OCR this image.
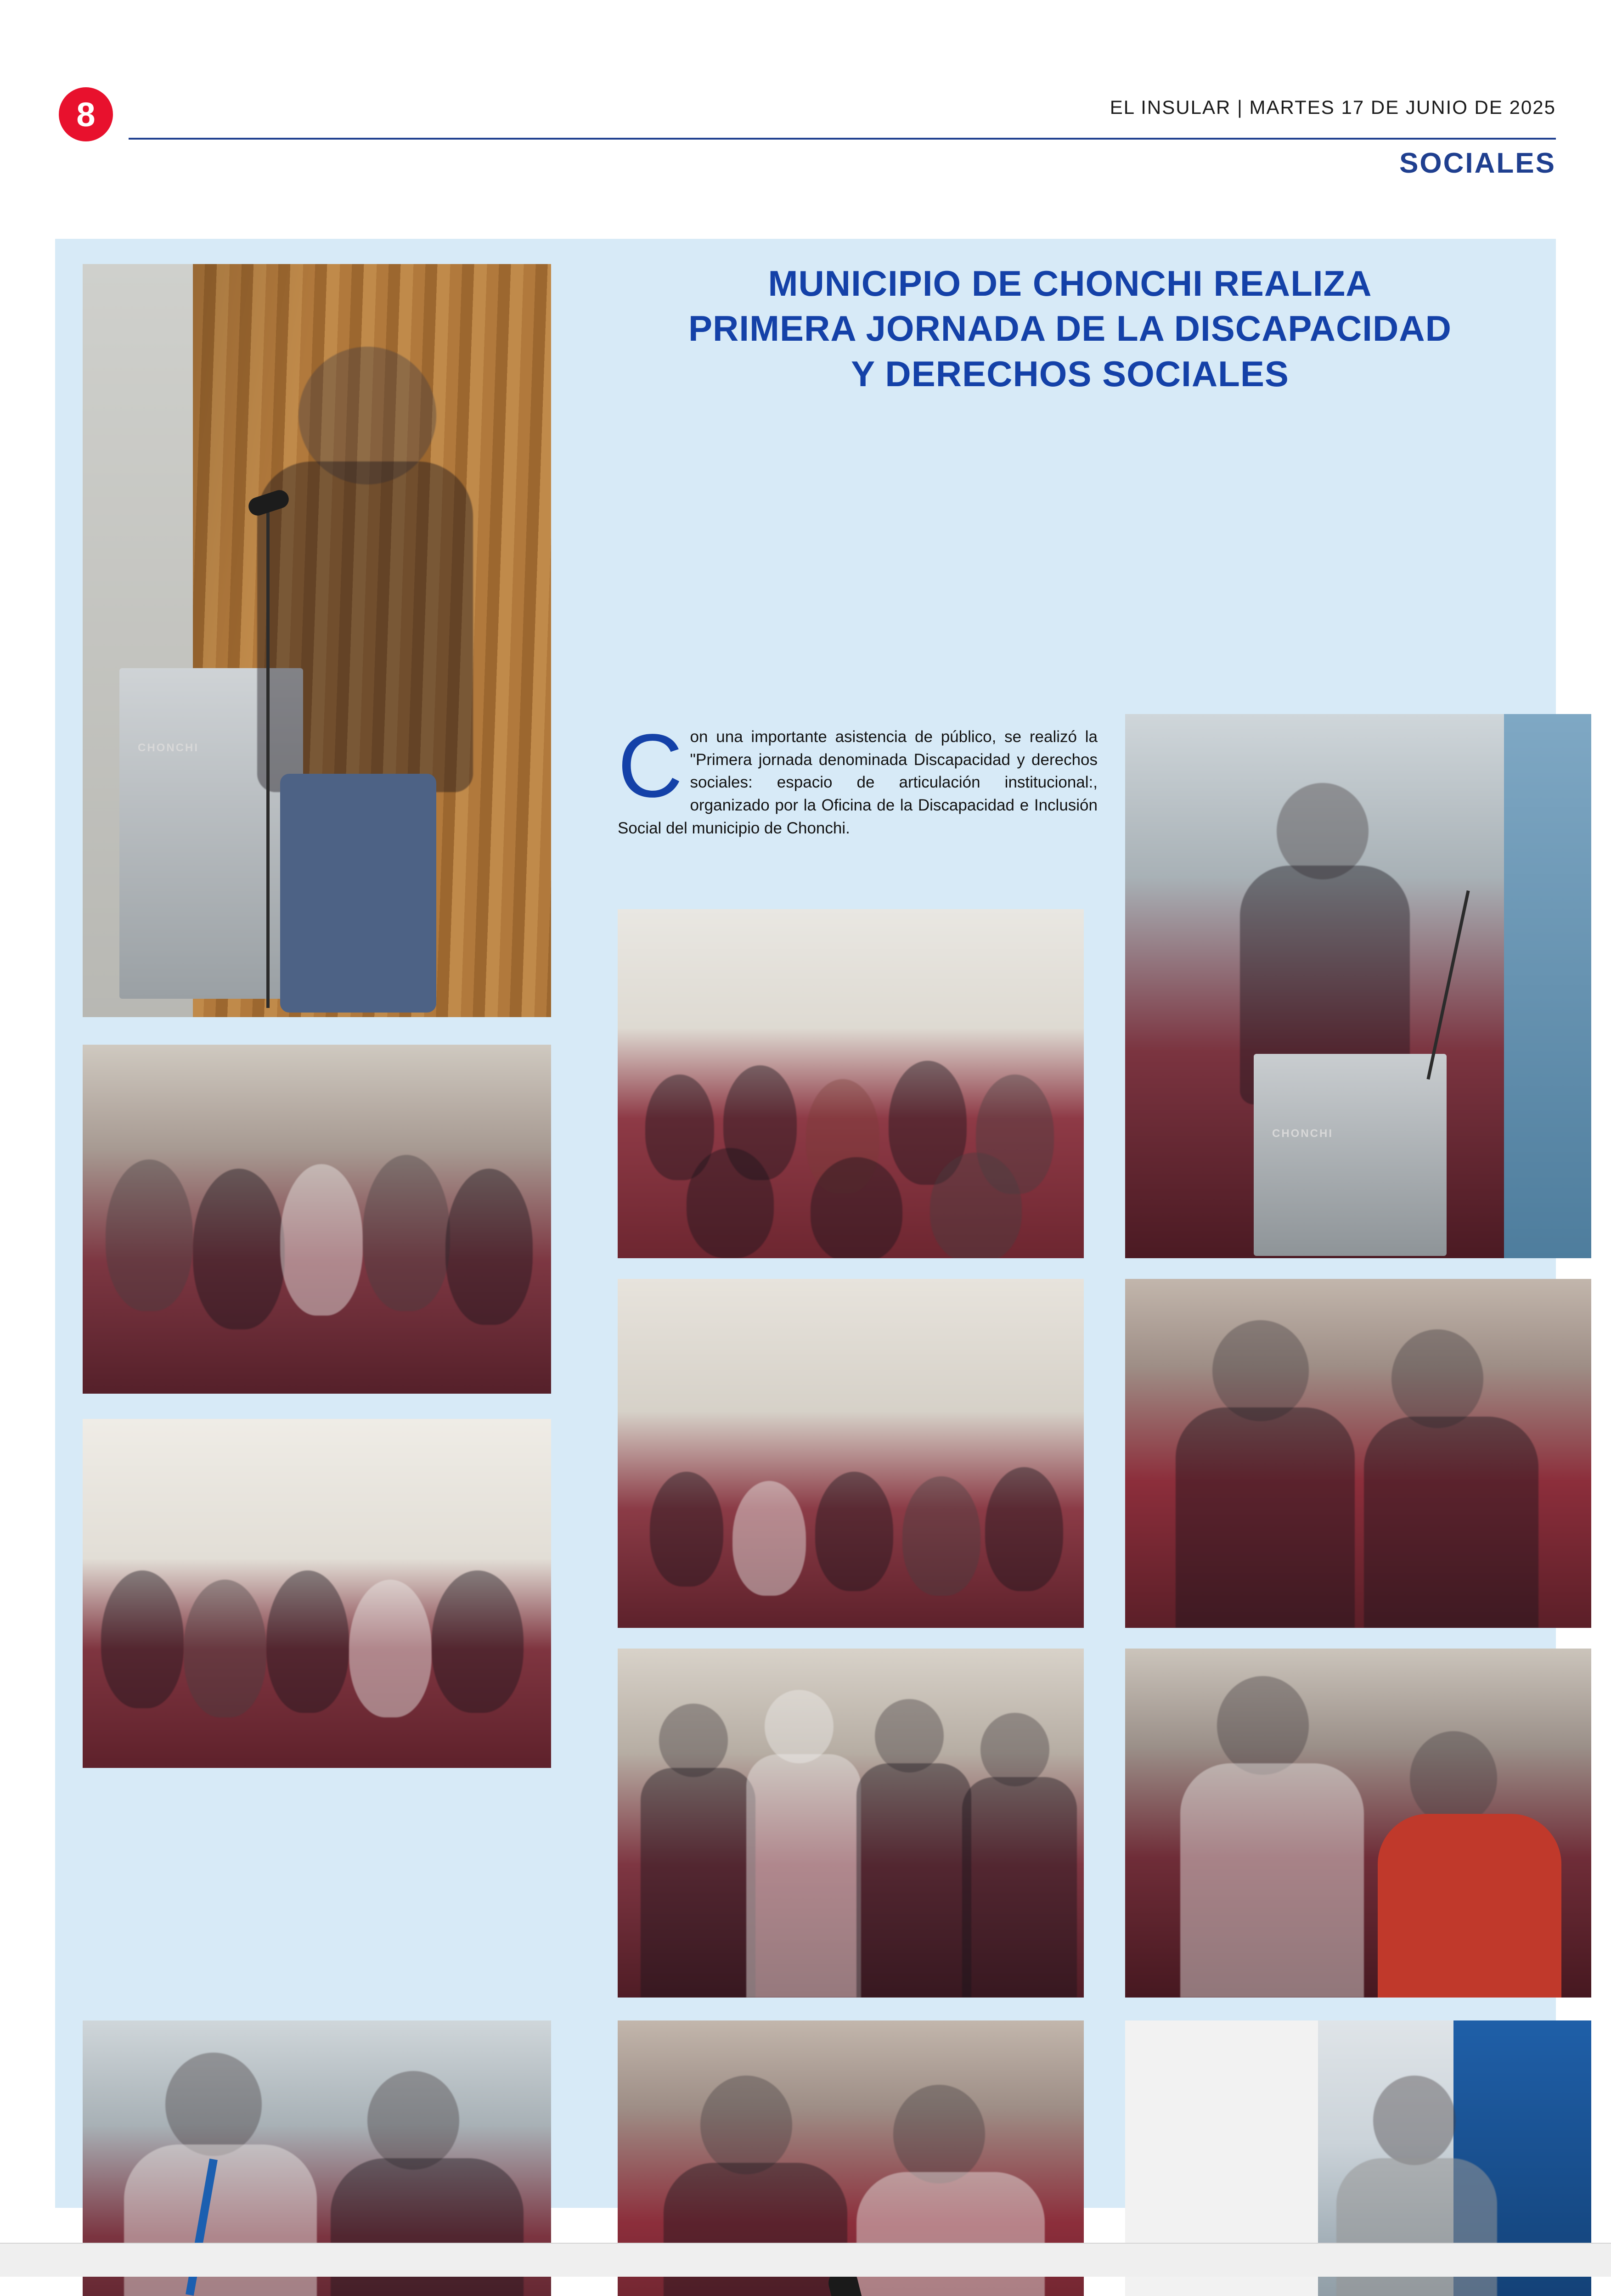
8	EL INSULAR | MARTES 17 DE JUNIO DE 2025
SOCIALES
MUNICIPIO DE CHONCHI REALIZA
PRIMERA JORNADA DE LA DISCAPACIDAD
Y DERECHOS SOCIALES
C on una importante asistencia de público, se realizó la "Primera jornada denominada Discapacidad y derechos sociales: espacio de articulación institucional:, organizado por la Oficina de la Discapacidad e Inclusión Social del municipio de Chonchi.
CHONCHI
CHONCHI
